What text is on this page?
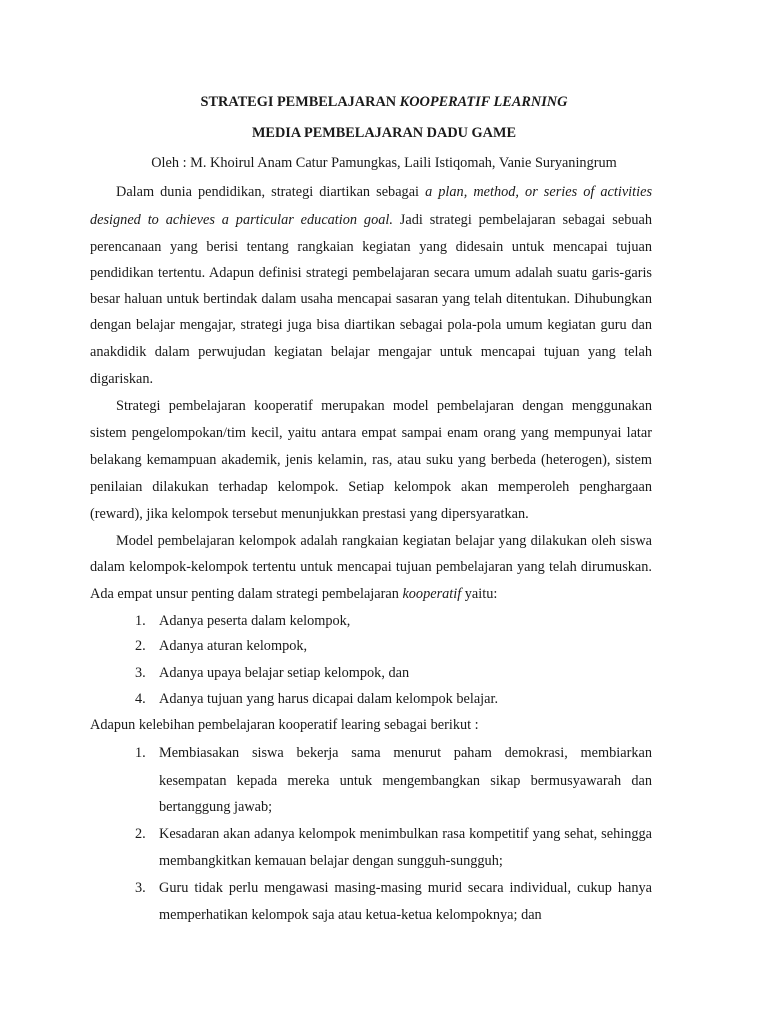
STRATEGI PEMBELAJARAN KOOPERATIF LEARNING
MEDIA PEMBELAJARAN DADU GAME
Oleh : M. Khoirul Anam Catur Pamungkas, Laili Istiqomah, Vanie Suryaningrum
Dalam dunia pendidikan, strategi diartikan sebagai a plan, method, or series of activities
designed to achieves a particular education goal. Jadi strategi pembelajaran sebagai sebuah
perencanaan yang berisi tentang rangkaian kegiatan yang didesain untuk mencapai tujuan
pendidikan tertentu. Adapun definisi strategi pembelajaran secara umum adalah suatu garis-garis
besar haluan untuk bertindak dalam usaha mencapai sasaran yang telah ditentukan. Dihubungkan
dengan belajar mengajar, strategi juga bisa diartikan sebagai pola-pola umum kegiatan guru dan
anakdidik dalam perwujudan kegiatan belajar mengajar untuk mencapai tujuan yang telah
digariskan.
Strategi pembelajaran kooperatif merupakan model pembelajaran dengan menggunakan
sistem pengelompokan/tim kecil, yaitu antara empat sampai enam orang yang mempunyai latar
belakang kemampuan akademik, jenis kelamin, ras, atau suku yang berbeda (heterogen), sistem
penilaian dilakukan terhadap kelompok. Setiap kelompok akan memperoleh penghargaan
(reward), jika kelompok tersebut menunjukkan prestasi yang dipersyaratkan.
Model pembelajaran kelompok adalah rangkaian kegiatan belajar yang dilakukan oleh siswa
dalam kelompok-kelompok tertentu untuk mencapai tujuan pembelajaran yang telah dirumuskan.
Ada empat unsur penting dalam strategi pembelajaran kooperatif yaitu:
1. Adanya peserta dalam kelompok,
2. Adanya aturan kelompok,
3. Adanya upaya belajar setiap kelompok, dan
4. Adanya tujuan yang harus dicapai dalam kelompok belajar.
Adapun kelebihan pembelajaran kooperatif learing sebagai berikut :
1. Membiasakan siswa bekerja sama menurut paham demokrasi, membiarkan
kesempatan kepada mereka untuk mengembangkan sikap bermusyawarah dan
bertanggung jawab;
2. Kesadaran akan adanya kelompok menimbulkan rasa kompetitif yang sehat, sehingga
membangkitkan kemauan belajar dengan sungguh-sungguh;
3. Guru tidak perlu mengawasi masing-masing murid secara individual, cukup hanya
memperhatikan kelompok saja atau ketua-ketua kelompoknya; dan
